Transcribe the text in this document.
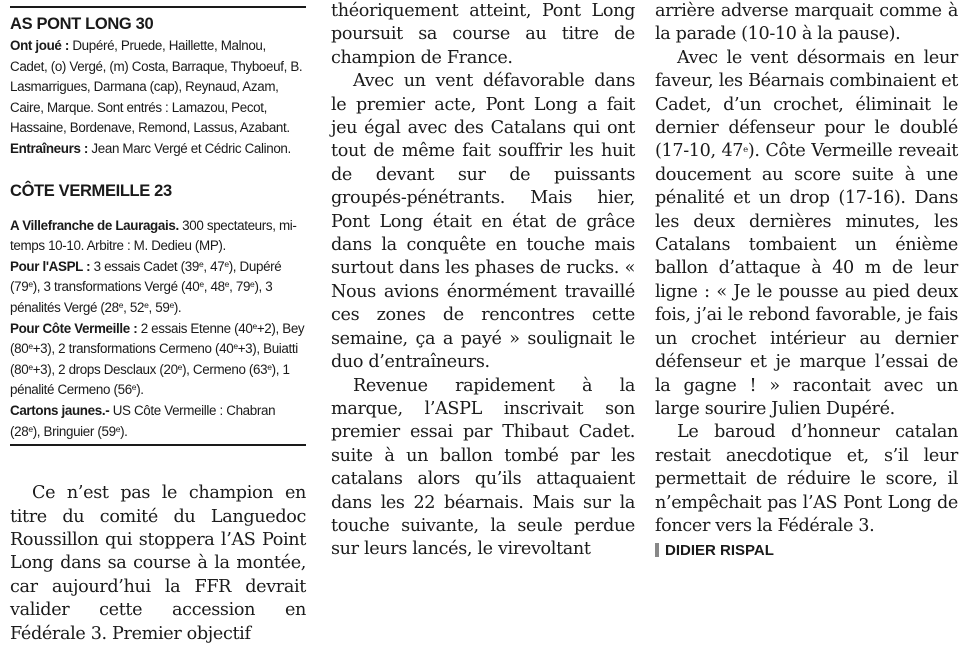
AS PONT LONG 30

Ont joué : Dupéré, Pruede, Haillette, Malnou, Cadet, (o) Vergé, (m) Costa, Barraque, Thyboeuf, B. Lasmarrigues, Darmana (cap), Reynaud, Azam, Caire, Marque. Sont entrés : Lamazou, Pecot, Hassaine, Bordenave, Remond, Lassus, Azabant.

Entraîneurs : Jean Marc Vergé et Cédric Calinon.

CÔTE VERMEILLE 23

A Villefranche de Lauragais. 300 spectateurs, mi-temps 10-10. Arbitre : M. Dedieu (MP).

Pour l'ASPL : 3 essais Cadet (39e, 47e), Dupéré (79e), 3 transformations Vergé (40e, 48e, 79e), 3 pénalités Vergé (28e, 52e, 59e).

Pour Côte Vermeille : 2 essais Etenne $(40^e+2)$, Bey $(80^e+3)$, 2 transformations Cermeno $(40^e+3)$, Buiatti $(80^e+3)$, 2 drops Desclaux (20e), Cermeno (63e), 1 pénalité Cermeno (56e).

Cartons jaunes.- US Côte Vermeille : Chabran (28e), Bringuier (59e).

Ce n’est pas le champion en titre du comité du Languedoc Roussillon qui stoppera l’AS Point Long dans sa course à la montée, car aujourd’hui la FFR devrait valider cette accession en Fédérale 3. Premier objectif

théoriquement atteint, Pont Long poursuit sa course au titre de champion de France.

Avec un vent défavorable dans le premier acte, Pont Long a fait jeu égal avec des Catalans qui ont tout de même fait souffrir les huit de devant sur de puissants groupés-pénétrants. Mais hier, Pont Long était en état de grâce dans la conquête en touche mais surtout dans les phases de rucks. « Nous avions énormément travaillé ces zones de rencontres cette semaine, ça a payé » soulignait le duo d’entraîneurs.

Revenue rapidement à la marque, l’ASPL inscrivait son premier essai par Thibaut Cadet. suite à un ballon tombé par les catalans alors qu’ils attaquaient dans les 22 béarnais. Mais sur la touche suivante, la seule perdue sur leurs lancés, le virevoltant

arrière adverse marquait comme à la parade (10-10 à la pause).

Avec le vent désormais en leur faveur, les Béarnais combinaient et Cadet, d’un crochet, éliminait le dernier défenseur pour le doublé (17-10, 47e). Côte Vermeille reveait doucement au score suite à une pénalité et un drop (17-16). Dans les deux dernières minutes, les Catalans tombaient un énième ballon d’attaque à 40 m de leur ligne : « Je le pousse au pied deux fois, j’ai le rebond favorable, je fais un crochet intérieur au dernier défenseur et je marque l’essai de la gagne ! » racontait avec un large sourire Julien Dupéré.

Le baroud d’honneur catalan restait anecdotique et, s’il leur permettait de réduire le score, il n’empêchait pas l’AS Pont Long de foncer vers la Fédérale 3.

DIDIER RISPAL
